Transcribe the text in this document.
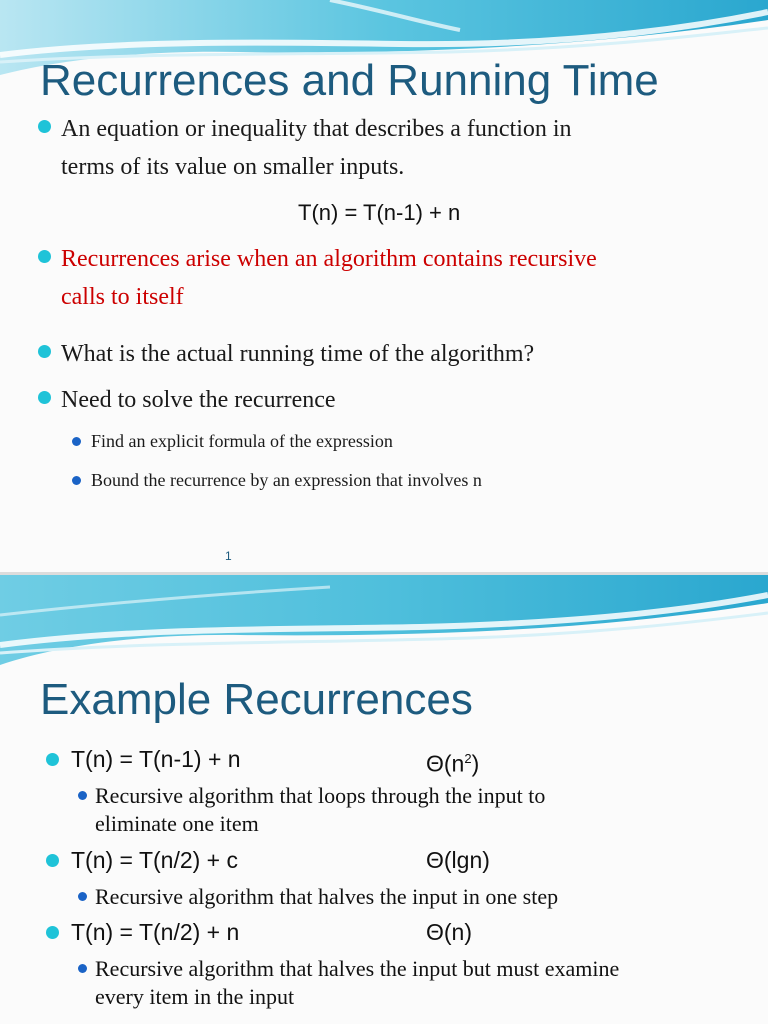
Recurrences and Running Time
An equation or inequality that describes a function in
terms of its value on smaller inputs.
T(n) = T(n-1) + n
Recurrences arise when an algorithm contains recursive
calls to itself
What is the actual running time of the algorithm?
Need to solve the recurrence
Find an explicit formula of the expression
Bound the recurrence by an expression that involves n
1
Example Recurrences
T(n) = T(n-1) + n	$\Theta(n^2)$
Recursive algorithm that loops through the input to
eliminate one item
T(n) = T(n/2) + c	Θ(lgn)
Recursive algorithm that halves the input in one step
T(n) = T(n/2) + n	Θ(n)
Recursive algorithm that halves the input but must examine
every item in the input
